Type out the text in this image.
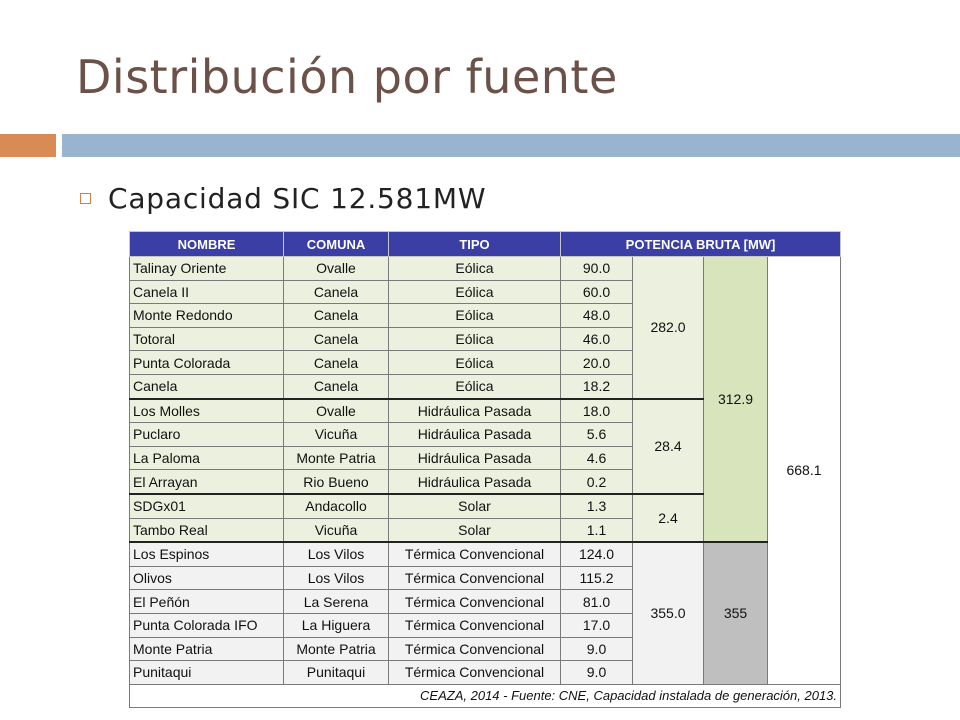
Distribución por fuente
Capacidad SIC 12.581MW
NOMBRE	COMUNA	TIPO	POTENCIA BRUTA [MW]			
Talinay Oriente	Ovalle	Eólica	90.0	282.0	312.9	668.1
Canela II	Canela	Eólica	60.0			
Monte Redondo	Canela	Eólica	48.0			
Totoral	Canela	Eólica	46.0			
Punta Colorada	Canela	Eólica	20.0			
Canela	Canela	Eólica	18.2			
Los Molles	Ovalle	Hidráulica Pasada	18.0	28.4		
Puclaro	Vicuña	Hidráulica Pasada	5.6			
La Paloma	Monte Patria	Hidráulica Pasada	4.6			
El Arrayan	Rio Bueno	Hidráulica Pasada	0.2			
SDGx01	Andacollo	Solar	1.3	2.4		
Tambo Real	Vicuña	Solar	1.1			
Los Espinos	Los Vilos	Térmica Convencional	124.0	355.0	355	
Olivos	Los Vilos	Térmica Convencional	115.2			
El Peñón	La Serena	Térmica Convencional	81.0			
Punta Colorada IFO	La Higuera	Térmica Convencional	17.0			
Monte Patria	Monte Patria	Térmica Convencional	9.0			
Punitaqui	Punitaqui	Térmica Convencional	9.0			
CEAZA, 2014 - Fuente: CNE, Capacidad instalada de generación, 2013.						
